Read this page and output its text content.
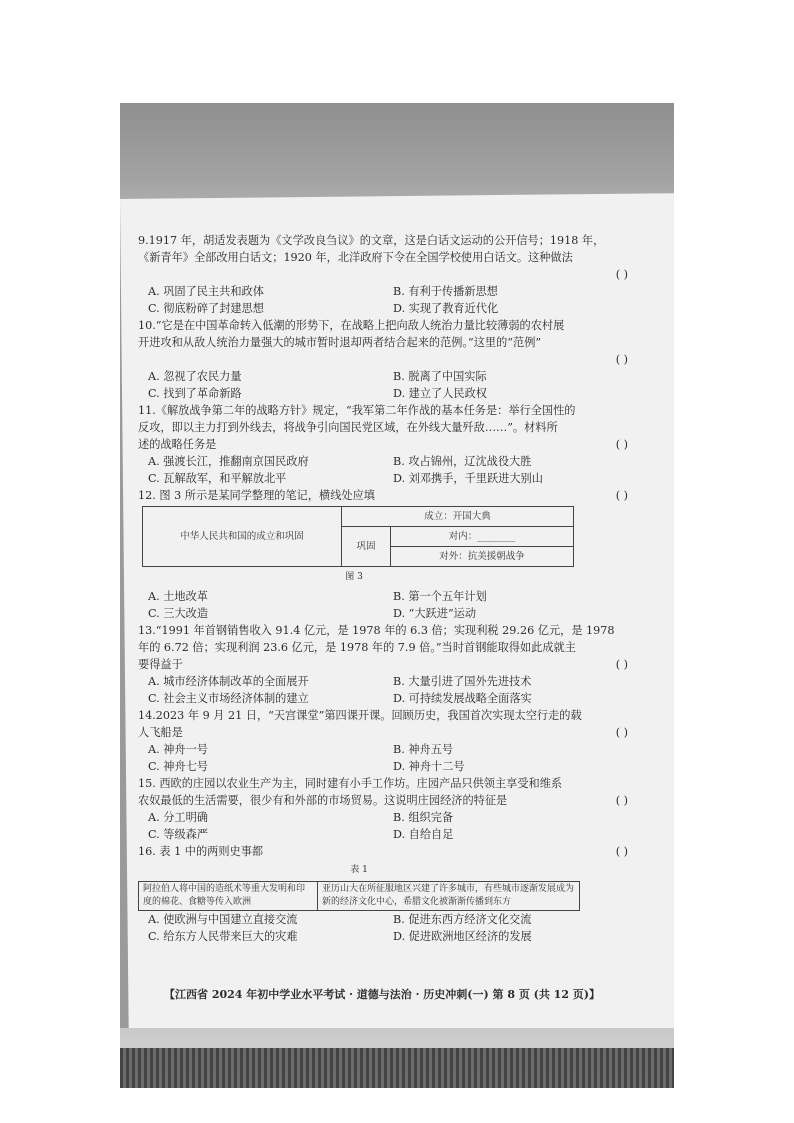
9.1917 年，胡适发表题为《文学改良刍议》的文章，这是白话文运动的公开信号；1918 年，
《新青年》全部改用白话文；1920 年，北洋政府下令在全国学校使用白话文。这种做法
( )
A. 巩固了民主共和政体	B. 有利于传播新思想
C. 彻底粉碎了封建思想	D. 实现了教育近代化
10.“它是在中国革命转入低潮的形势下，在战略上把向敌人统治力量比较薄弱的农村展
开进攻和从敌人统治力量强大的城市暂时退却两者结合起来的范例。”这里的“范例”
( )
A. 忽视了农民力量	B. 脱离了中国实际
C. 找到了革命新路	D. 建立了人民政权
11.《解放战争第二年的战略方针》规定，“我军第二年作战的基本任务是：举行全国性的
反攻，即以主力打到外线去，将战争引向国民党区域，在外线大量歼敌……”。材料所
述的战略任务是	( )
A. 强渡长江，推翻南京国民政府	B. 攻占锦州，辽沈战役大胜
C. 瓦解敌军，和平解放北平	D. 刘邓携手，千里跃进大别山
12. 图 3 所示是某同学整理的笔记，横线处应填	( )
中华人民共和国的成立和巩固	成立：开国大典	
	巩固	对内：________
		对外：抗美援朝战争
图 3
A. 土地改革	B. 第一个五年计划
C. 三大改造	D. “大跃进”运动
13.“1991 年首钢销售收入 91.4 亿元，是 1978 年的 6.3 倍；实现利税 29.26 亿元，是 1978
年的 6.72 倍；实现利润 23.6 亿元，是 1978 年的 7.9 倍。”当时首钢能取得如此成就主
要得益于	( )
A. 城市经济体制改革的全面展开	B. 大量引进了国外先进技术
C. 社会主义市场经济体制的建立	D. 可持续发展战略全面落实
14.2023 年 9 月 21 日，“天宫课堂”第四课开课。回顾历史，我国首次实现太空行走的载
人飞船是	( )
A. 神舟一号	B. 神舟五号
C. 神舟七号	D. 神舟十二号
15. 西欧的庄园以农业生产为主，同时建有小手工作坊。庄园产品只供领主享受和维系
农奴最低的生活需要，很少有和外部的市场贸易。这说明庄园经济的特征是	( )
A. 分工明确	B. 组织完备
C. 等级森严	D. 自给自足
16. 表 1 中的两则史事都	( )
表 1
阿拉伯人将中国的造纸术等重大发明和印度的棉花、食糖等传入欧洲	亚历山大在所征服地区兴建了许多城市，有些城市逐渐发展成为新的经济文化中心，希腊文化被渐渐传播到东方
A. 使欧洲与中国建立直接交流	B. 促进东西方经济文化交流
C. 给东方人民带来巨大的灾难	D. 促进欧洲地区经济的发展
【江西省 2024 年初中学业水平考试 · 道德与法治 · 历史冲刺(一) 第 8 页 (共 12 页)】
